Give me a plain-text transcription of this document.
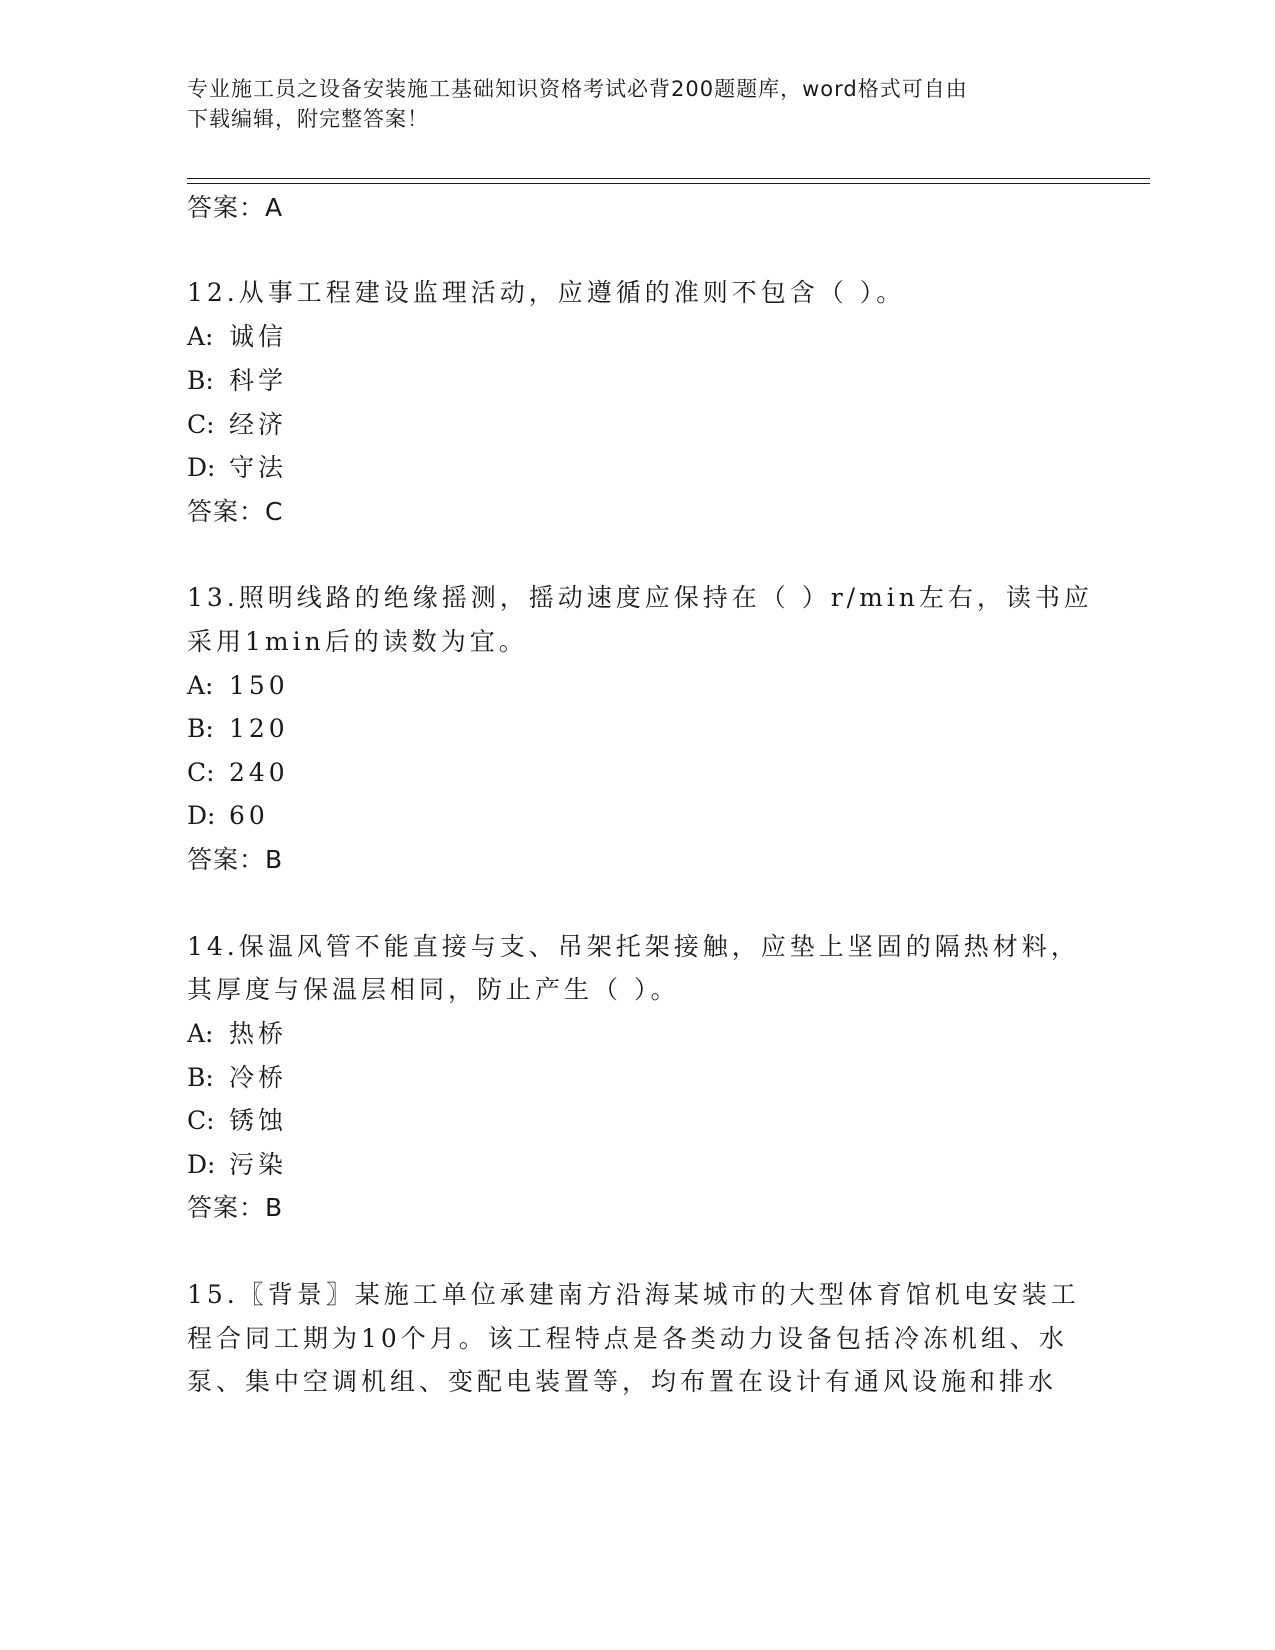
专业施工员之设备安装施工基础知识资格考试必背200题题库，word格式可自由
下载编辑，附完整答案！
答案：A
12.从事工程建设监理活动，应遵循的准则不包含（ ）。
A: 诚信
B: 科学
C: 经济
D: 守法
答案：C
13.照明线路的绝缘摇测，摇动速度应保持在（ ）r/min左右，读书应
采用1min后的读数为宜。
A: 150
B: 120
C: 240
D: 60
答案：B
14.保温风管不能直接与支、吊架托架接触，应垫上坚固的隔热材料，
其厚度与保温层相同，防止产生（ ）。
A: 热桥
B: 冷桥
C: 锈蚀
D: 污染
答案：B
15.〖背景〗某施工单位承建南方沿海某城市的大型体育馆机电安装工
程合同工期为10个月。该工程特点是各类动力设备包括冷冻机组、水
泵、集中空调机组、变配电装置等，均布置在设计有通风设施和排水
